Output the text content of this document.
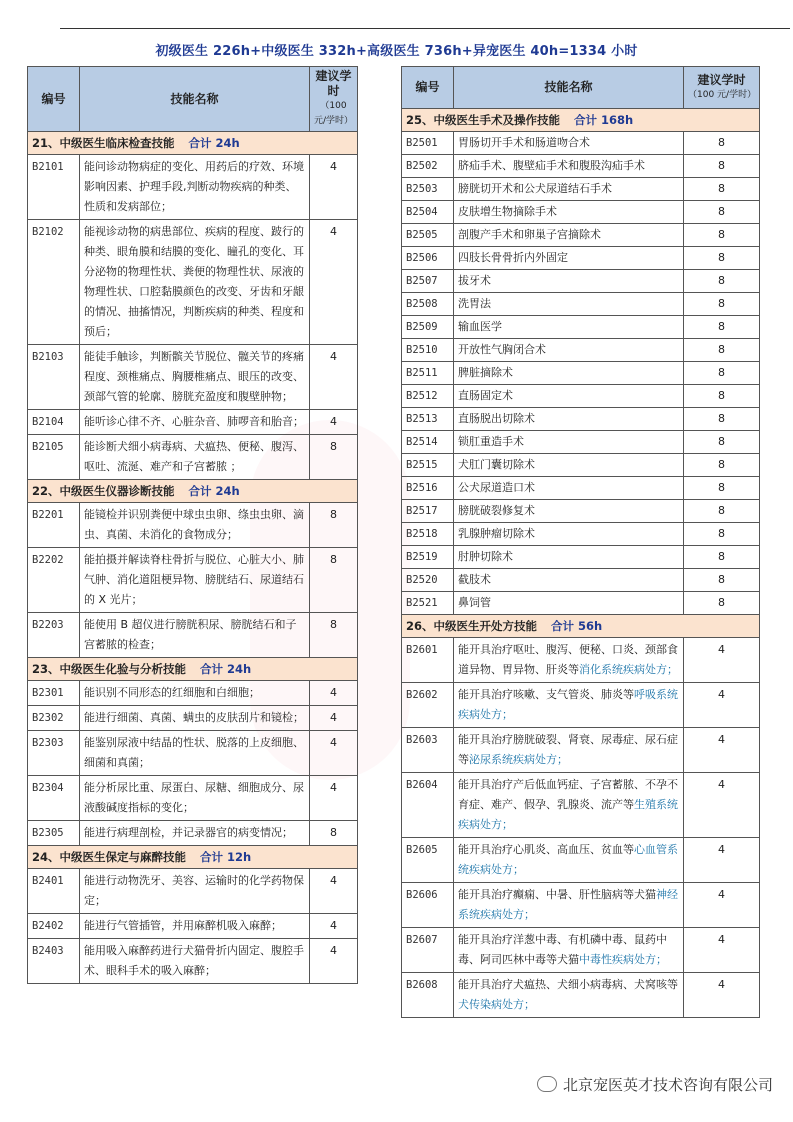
初级医生 226h+中级医生 332h+高级医生 736h+异宠医生 40h=1334 小时
编号	技能名称	建议学时
（100 元/学时）

21、中级医生临床检查技能 合计 24h		
B2101	能问诊动物病症的变化、用药后的疗效、环境影响因素、护理手段,判断动物疾病的种类、性质和发病部位；	4
B2102	能视诊动物的病患部位、疾病的程度、跛行的种类、眼角膜和结膜的变化、瞳孔的变化、耳分泌物的物理性状、粪便的物理性状、尿液的物理性状、口腔黏膜颜色的改变、牙齿和牙龈的情况、抽搐情况，判断疾病的种类、程度和预后；	4
B2103	能徒手触诊，判断髌关节脱位、髋关节的疼痛程度、颈椎痛点、胸腰椎痛点、眼压的改变、颈部气管的轮廓、膀胱充盈度和腹壁肿物；	4
B2104	能听诊心律不齐、心脏杂音、肺啰音和胎音；	4
B2105	能诊断犬细小病毒病、犬瘟热、便秘、腹泻、呕吐、流涎、难产和子宫蓄脓 ；	8
22、中级医生仪器诊断技能 合计 24h		
B2201	能镜检并识别粪便中球虫虫卵、绦虫虫卵、滴虫、真菌、未消化的食物成分；	8
B2202	能拍摄并解读脊柱骨折与脱位、心脏大小、肺气肿、消化道阻梗异物、膀胱结石、尿道结石的 X 光片；	8
B2203	能使用 B 超仪进行膀胱积尿、膀胱结石和子宫蓄脓的检查；	8
23、中级医生化验与分析技能 合计 24h		
B2301	能识别不同形态的红细胞和白细胞；	4
B2302	能进行细菌、真菌、螨虫的皮肤刮片和镜检；	4
B2303	能鉴别尿液中结晶的性状、脱落的上皮细胞、细菌和真菌；	4
B2304	能分析尿比重、尿蛋白、尿糖、细胞成分、尿液酸碱度指标的变化；	4
B2305	能进行病理剖检，并记录器官的病变情况；	8
24、中级医生保定与麻醉技能 合计 12h		
B2401	能进行动物洗牙、美容、运输时的化学药物保定；	4
B2402	能进行气管插管，并用麻醉机吸入麻醉；	4
B2403	能用吸入麻醉药进行犬猫骨折内固定、腹腔手术、眼科手术的吸入麻醉；	4
编号	技能名称	建议学时
（100 元/学时）

25、中级医生手术及操作技能 合计 168h		
B2501	胃肠切开手术和肠道吻合术	8
B2502	脐疝手术、腹壁疝手术和腹股沟疝手术	8
B2503	膀胱切开术和公犬尿道结石手术	8
B2504	皮肤增生物摘除手术	8
B2505	剖腹产手术和卵巢子宫摘除术	8
B2506	四肢长骨骨折内外固定	8
B2507	拔牙术	8
B2508	洗胃法	8
B2509	输血医学	8
B2510	开放性气胸闭合术	8
B2511	脾脏摘除术	8
B2512	直肠固定术	8
B2513	直肠脱出切除术	8
B2514	锁肛重造手术	8
B2515	犬肛门囊切除术	8
B2516	公犬尿道造口术	8
B2517	膀胱破裂修复术	8
B2518	乳腺肿瘤切除术	8
B2519	肘肿切除术	8
B2520	截肢术	8
B2521	鼻饲管	8
26、中级医生开处方技能 合计 56h		
B2601	能开具治疗呕吐、腹泻、便秘、口炎、颈部食道异物、胃异物、肝炎等消化系统疾病处方；	4
B2602	能开具治疗咳嗽、支气管炎、肺炎等呼吸系统疾病处方；	4
B2603	能开具治疗膀胱破裂、肾衰、尿毒症、尿石症等泌尿系统疾病处方；	4
B2604	能开具治疗产后低血钙症、子宫蓄脓、不孕不育症、难产、假孕、乳腺炎、流产等生殖系统疾病处方；	4
B2605	能开具治疗心肌炎、高血压、贫血等心血管系统疾病处方；	4
B2606	能开具治疗癫痫、中暑、肝性脑病等犬猫神经系统疾病处方；	4
B2607	能开具治疗洋葱中毒、有机磷中毒、鼠药中毒、阿司匹林中毒等犬猫中毒性疾病处方；	4
B2608	能开具治疗犬瘟热、犬细小病毒病、犬窝咳等犬传染病处方；	4
北京宠医英才技术咨询有限公司
